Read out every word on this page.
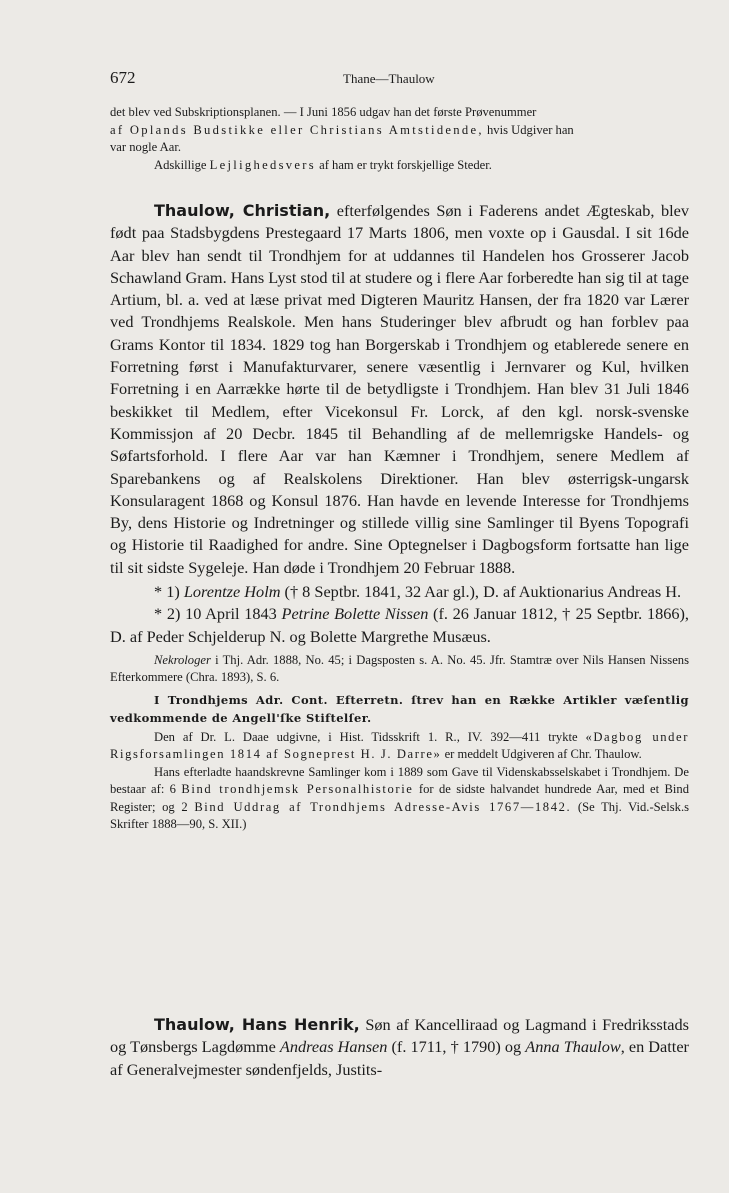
672	Thane—Thaulow

det blev ved Subskriptionsplanen. — I Juni 1856 udgav han det første Prøvenummer

af Oplands Budstikke eller Christians Amtstidende, hvis Udgiver han

var nogle Aar.

Adskillige Lejlighedsvers af ham er trykt forskjellige Steder.

Thaulow, Christian, efterfølgendes Søn i Faderens andet Ægteskab, blev født paa Stadsbygdens Prestegaard 17 Marts 1806, men voxte op i Gausdal. I sit 16de Aar blev han sendt til Trondhjem for at uddannes til Handelen hos Grosserer Jacob Schawland Gram. Hans Lyst stod til at studere og i flere Aar forberedte han sig til at tage Artium, bl. a. ved at læse privat med Digteren Mauritz Hansen, der fra 1820 var Lærer ved Trondhjems Realskole. Men hans Studeringer blev afbrudt og han forblev paa Grams Kontor til 1834. 1829 tog han Borgerskab i Trondhjem og etablerede senere en Forretning først i Manufakturvarer, senere væsentlig i Jernvarer og Kul, hvilken Forretning i en Aarrække hørte til de betydligste i Trondhjem. Han blev 31 Juli 1846 beskikket til Medlem, efter Vicekonsul Fr. Lorck, af den kgl. norsk-svenske Kommissjon af 20 Decbr. 1845 til Behandling af de mellemrigske Handels- og Søfartsforhold. I flere Aar var han Kæmner i Trondhjem, senere Medlem af Sparebankens og af Realskolens Direktioner. Han blev østerrigsk-ungarsk Konsularagent 1868 og Konsul 1876. Han havde en levende Interesse for Trondhjems By, dens Historie og Indretninger og stillede villig sine Samlinger til Byens Topografi og Historie til Raadighed for andre. Sine Optegnelser i Dagbogsform fortsatte han lige til sit sidste Sygeleje. Han døde i Trondhjem 20 Februar 1888.

* 1) Lorentze Holm († 8 Septbr. 1841, 32 Aar gl.), D. af Auktionarius Andreas H.

* 2) 10 April 1843 Petrine Bolette Nissen (f. 26 Januar 1812, † 25 Septbr. 1866), D. af Peder Schjelderup N. og Bolette Margrethe Musæus.

Nekrologer i Thj. Adr. 1888, No. 45; i Dagsposten s. A. No. 45. Jfr. Stamtræ over Nils Hansen Nissens Efterkommere (Chra. 1893), S. 6.

I Trondhjems Adr. Cont. Efterretn. ſtrev han en Række Artikler væſentlig vedkommende de Angell'ſke Stiftelſer.

Den af Dr. L. Daae udgivne, i Hist. Tidsskrift 1. R., IV. 392—411 trykte «Dagbog under Rigsforsamlingen 1814 af Sogneprest H. J. Darre» er meddelt Udgiveren af Chr. Thaulow.

Hans efterladte haandskrevne Samlinger kom i 1889 som Gave til Videnskabsselskabet i Trondhjem. De bestaar af: 6 Bind trondhjemsk Personalhistorie for de sidste halvandet hundrede Aar, med et Bind Register; og 2 Bind Uddrag af Trondhjems Adresse-Avis 1767—1842. (Se Thj. Vid.-Selsk.s Skrifter 1888—90, S. XII.)

Thaulow, Hans Henrik, Søn af Kancelliraad og Lagmand i Fredriksstads og Tønsbergs Lagdømme Andreas Hansen (f. 1711, † 1790) og Anna Thaulow, en Datter af Generalvejmester søndenfjelds, Justits-
